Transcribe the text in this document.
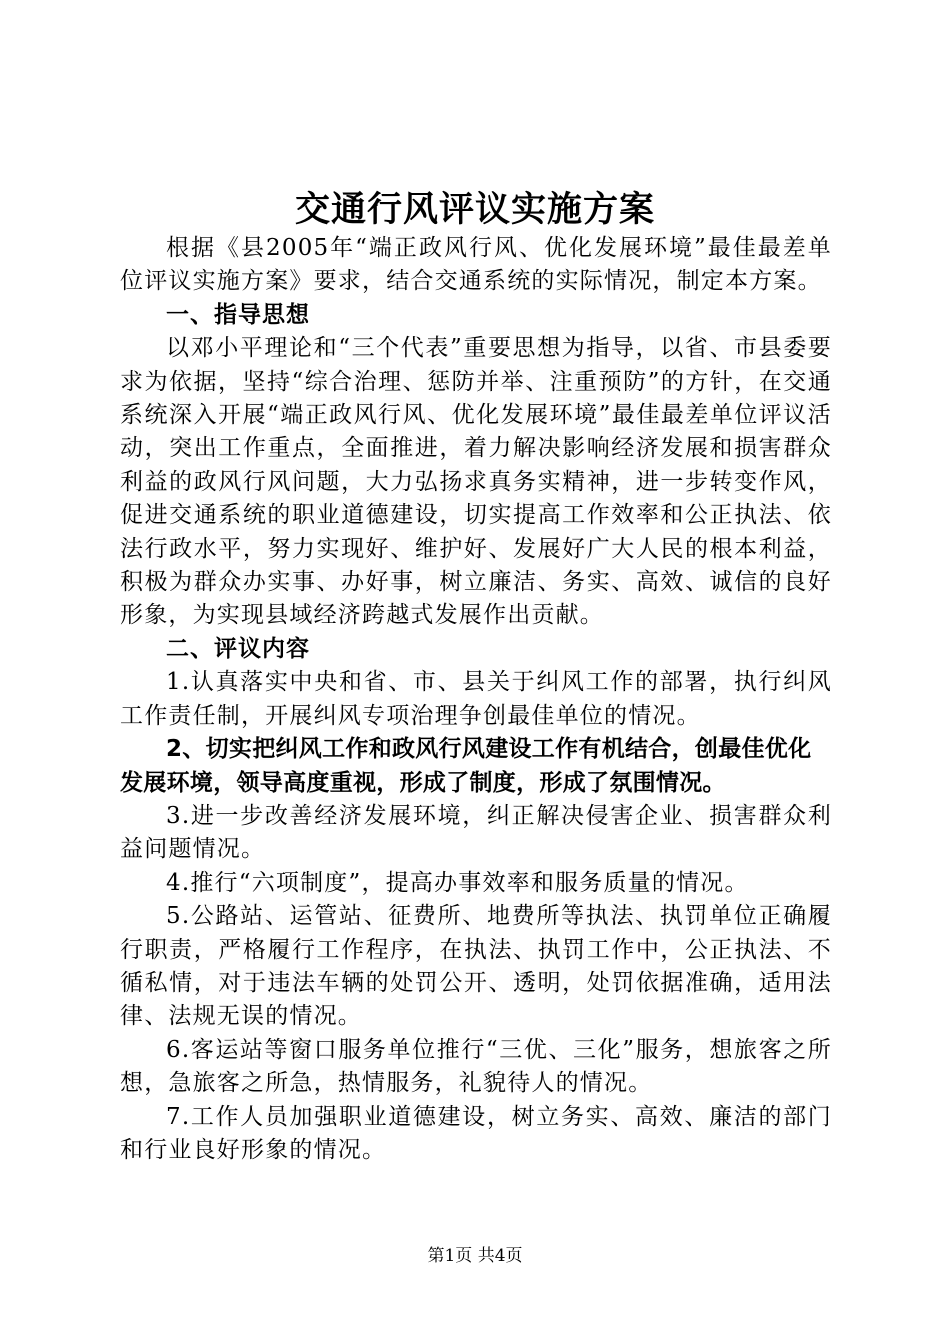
交通行风评议实施方案

根据《县2005年“端正政风行风、优化发展环境”最佳最差单位评议实施方案》要求，结合交通系统的实际情况，制定本方案。

一、指导思想

以邓小平理论和“三个代表”重要思想为指导，以省、市县委要求为依据，坚持“综合治理、惩防并举、注重预防”的方针，在交通系统深入开展“端正政风行风、优化发展环境”最佳最差单位评议活动，突出工作重点，全面推进，着力解决影响经济发展和损害群众利益的政风行风问题，大力弘扬求真务实精神，进一步转变作风，促进交通系统的职业道德建设，切实提高工作效率和公正执法、依法行政水平，努力实现好、维护好、发展好广大人民的根本利益，积极为群众办实事、办好事，树立廉洁、务实、高效、诚信的良好形象，为实现县域经济跨越式发展作出贡献。

二、评议内容

1.认真落实中央和省、市、县关于纠风工作的部署，执行纠风工作责任制，开展纠风专项治理争创最佳单位的情况。

2、切实把纠风工作和政风行风建设工作有机结合，创最佳优化发展环境，领导高度重视，形成了制度，形成了氛围情况。

3.进一步改善经济发展环境，纠正解决侵害企业、损害群众利益问题情况。

4.推行“六项制度”，提高办事效率和服务质量的情况。

5.公路站、运管站、征费所、地费所等执法、执罚单位正确履行职责，严格履行工作程序，在执法、执罚工作中，公正执法、不循私情，对于违法车辆的处罚公开、透明，处罚依据准确，适用法律、法规无误的情况。

6.客运站等窗口服务单位推行“三优、三化”服务，想旅客之所想，急旅客之所急，热情服务，礼貌待人的情况。

7.工作人员加强职业道德建设，树立务实、高效、廉洁的部门和行业良好形象的情况。

第1页 共4页
